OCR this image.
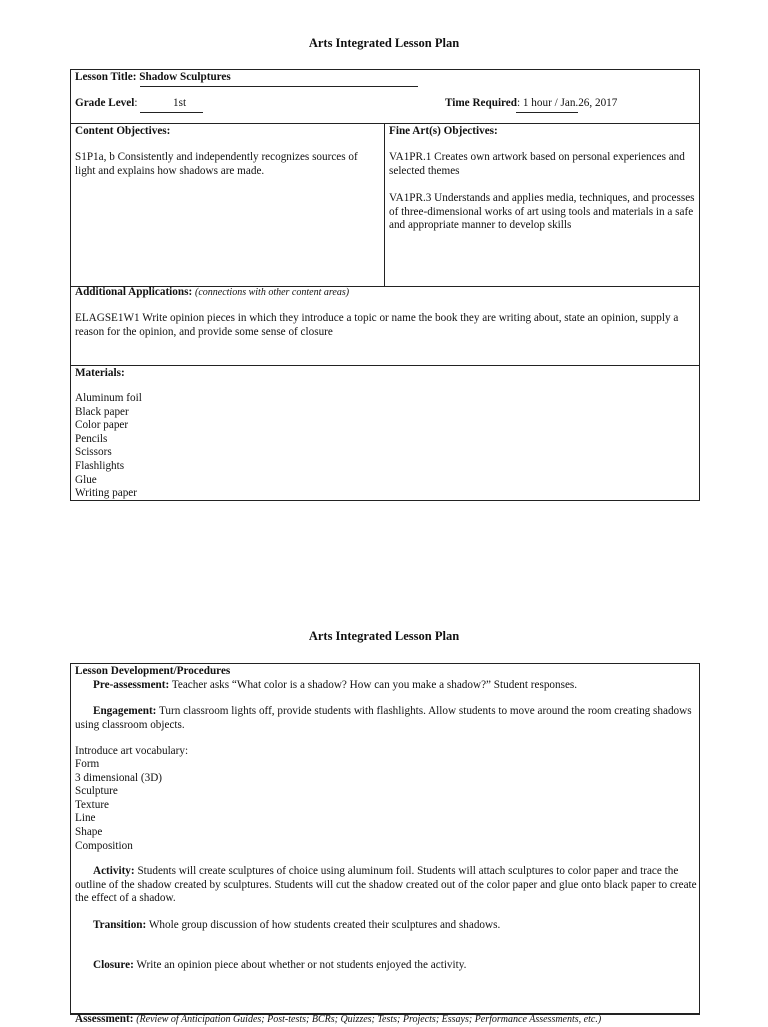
Arts Integrated Lesson Plan
Lesson Title: Shadow Sculptures
Grade Level:	1st	Time Required: 1 hour / Jan.26, 2017
Content Objectives:
S1P1a, b Consistently and independently recognizes sources of light and explains how shadows are made.
Fine Art(s) Objectives:
VA1PR.1 Creates own artwork based on personal experiences and selected themes
VA1PR.3 Understands and applies media, techniques, and processes of three-dimensional works of art using tools and materials in a safe and appropriate manner to develop skills
Additional Applications: (connections with other content areas)
ELAGSE1W1 Write opinion pieces in which they introduce a topic or name the book they are writing about, state an opinion, supply a reason for the opinion, and provide some sense of closure
Materials:
Aluminum foil
Black paper
Color paper
Pencils
Scissors
Flashlights
Glue
Writing paper
Arts Integrated Lesson Plan
Lesson Development/Procedures
Pre-assessment: Teacher asks “What color is a shadow? How can you make a shadow?” Student responses.
Engagement: Turn classroom lights off, provide students with flashlights. Allow students to move around the room creating shadows using classroom objects.
Introduce art vocabulary:
Form
3 dimensional (3D)
Sculpture
Texture
Line
Shape
Composition
Activity: Students will create sculptures of choice using aluminum foil. Students will attach sculptures to color paper and trace the outline of the shadow created by sculptures. Students will cut the shadow created out of the color paper and glue onto black paper to create the effect of a shadow.
Transition: Whole group discussion of how students created their sculptures and shadows.
Closure: Write an opinion piece about whether or not students enjoyed the activity.
Assessment: (Review of Anticipation Guides; Post-tests; BCRs; Quizzes; Tests; Projects; Essays; Performance Assessments, etc.)
